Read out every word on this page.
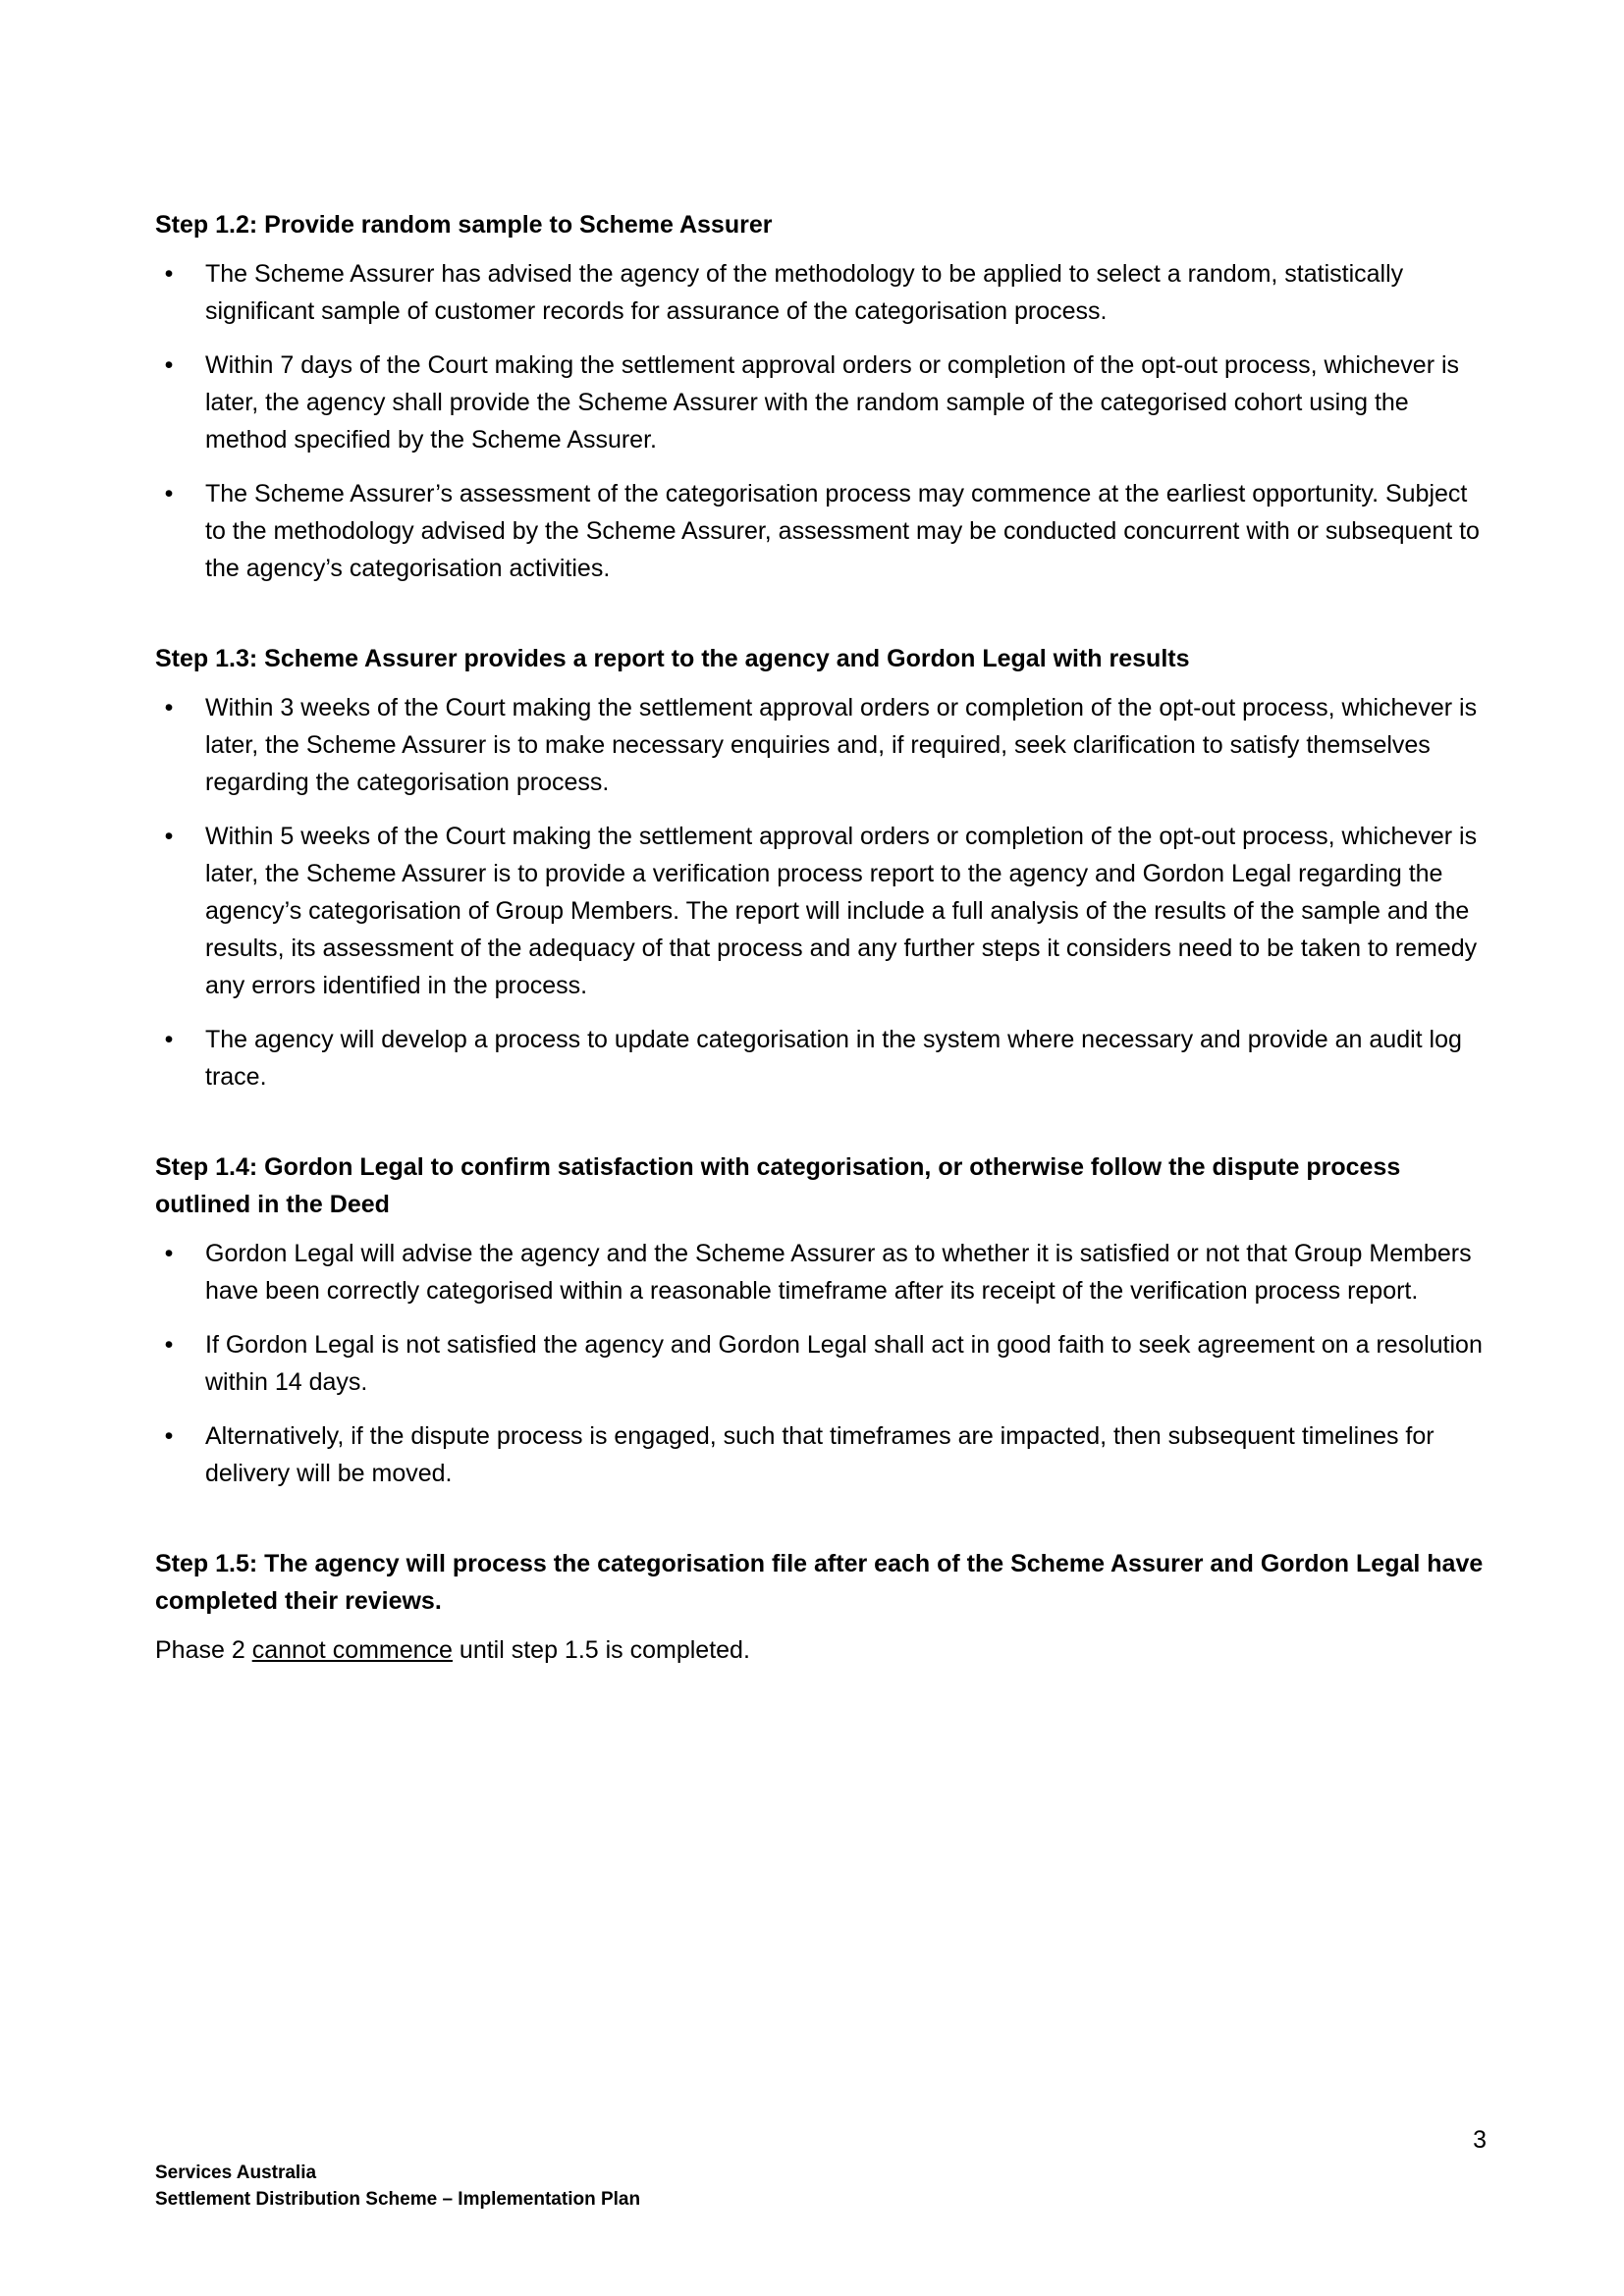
Step 1.2: Provide random sample to Scheme Assurer

• The Scheme Assurer has advised the agency of the methodology to be applied to select a random, statistically significant sample of customer records for assurance of the categorisation process.
• Within 7 days of the Court making the settlement approval orders or completion of the opt-out process, whichever is later, the agency shall provide the Scheme Assurer with the random sample of the categorised cohort using the method specified by the Scheme Assurer.
• The Scheme Assurer’s assessment of the categorisation process may commence at the earliest opportunity. Subject to the methodology advised by the Scheme Assurer, assessment may be conducted concurrent with or subsequent to the agency’s categorisation activities.

Step 1.3: Scheme Assurer provides a report to the agency and Gordon Legal with results

• Within 3 weeks of the Court making the settlement approval orders or completion of the opt-out process, whichever is later, the Scheme Assurer is to make necessary enquiries and, if required, seek clarification to satisfy themselves regarding the categorisation process.
• Within 5 weeks of the Court making the settlement approval orders or completion of the opt-out process, whichever is later, the Scheme Assurer is to provide a verification process report to the agency and Gordon Legal regarding the agency’s categorisation of Group Members. The report will include a full analysis of the results of the sample and the results, its assessment of the adequacy of that process and any further steps it considers need to be taken to remedy any errors identified in the process.
• The agency will develop a process to update categorisation in the system where necessary and provide an audit log trace.

Step 1.4: Gordon Legal to confirm satisfaction with categorisation, or otherwise follow the dispute process outlined in the Deed

• Gordon Legal will advise the agency and the Scheme Assurer as to whether it is satisfied or not that Group Members have been correctly categorised within a reasonable timeframe after its receipt of the verification process report.
• If Gordon Legal is not satisfied the agency and Gordon Legal shall act in good faith to seek agreement on a resolution within 14 days.
• Alternatively, if the dispute process is engaged, such that timeframes are impacted, then subsequent timelines for delivery will be moved.

Step 1.5: The agency will process the categorisation file after each of the Scheme Assurer and Gordon Legal have completed their reviews.

Phase 2 cannot commence until step 1.5 is completed.

3
Services Australia
Settlement Distribution Scheme – Implementation Plan
